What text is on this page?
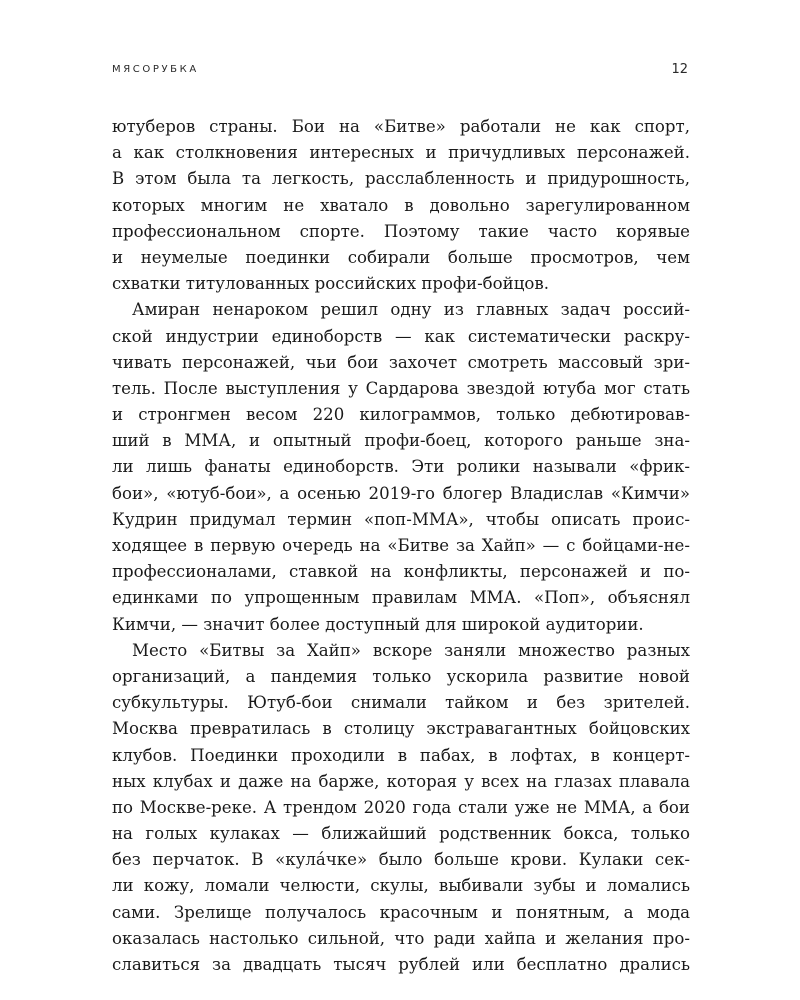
МЯСОРУБКА	12
ютуберов страны. Бои на «Битве» работали не как спорт,
а как столкновения интересных и причудливых персонажей.
В этом была та легкость, расслабленность и придурошность,
которых многим не хватало в довольно зарегулированном
профессиональном спорте. Поэтому такие часто корявые
и неумелые поединки собирали больше просмотров, чем
схватки титулованных российских профи-бойцов.
Амиран ненароком решил одну из главных задач россий-
ской индустрии единоборств — как систематически раскру-
чивать персонажей, чьи бои захочет смотреть массовый зри-
тель. После выступления у Сардарова звездой ютуба мог стать
и стронгмен весом 220 килограммов, только дебютировав-
ший в ММА, и опытный профи-боец, которого раньше зна-
ли лишь фанаты единоборств. Эти ролики называли «фрик-
бои», «ютуб-бои», а осенью 2019-го блогер Владислав «Кимчи»
Кудрин придумал термин «поп-ММА», чтобы описать проис-
ходящее в первую очередь на «Битве за Хайп» — с бойцами-не-
профессионалами, ставкой на конфликты, персонажей и по-
единками по упрощенным правилам ММА. «Поп», объяснял
Кимчи, — значит более доступный для широкой аудитории.
Место «Битвы за Хайп» вскоре заняли множество разных
организаций, а пандемия только ускорила развитие новой
субкультуры. Ютуб-бои снимали тайком и без зрителей.
Москва превратилась в столицу экстравагантных бойцовских
клубов. Поединки проходили в пабах, в лофтах, в концерт-
ных клубах и даже на барже, которая у всех на глазах плавала
по Москве-реке. А трендом 2020 года стали уже не ММА, а бои
на голых кулаках — ближайший родственник бокса, только
без перчаток. В «кулáчке» было больше крови. Кулаки сек-
ли кожу, ломали челюсти, скулы, выбивали зубы и ломались
сами. Зрелище получалось красочным и понятным, а мода
оказалась настолько сильной, что ради хайпа и желания про-
славиться за двадцать тысяч рублей или бесплатно дрались
